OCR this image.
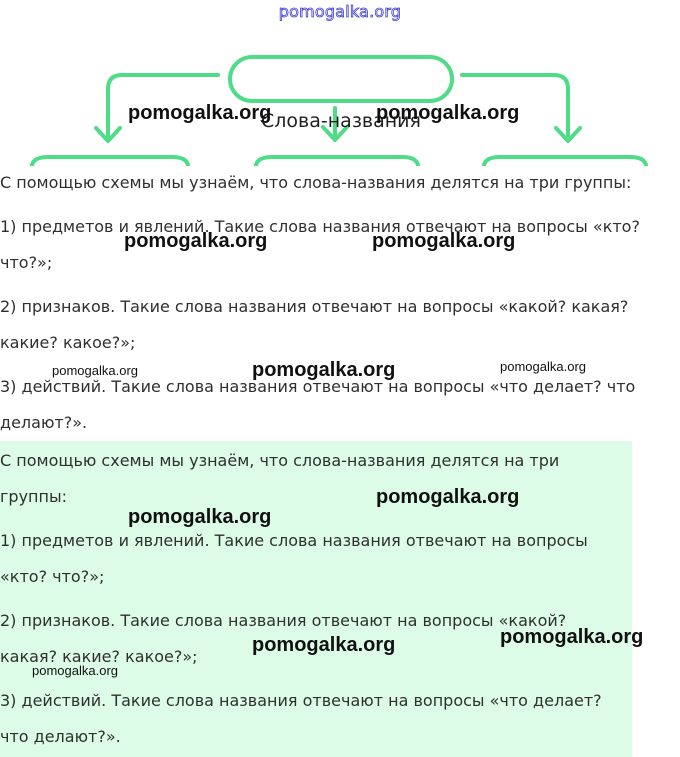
pomogalka.org
Слова-названия

С помощью схемы мы узнаём, что слова-названия делятся на три группы:

1) предметов и явлений. Такие слова названия отвечают на вопросы «кто? что?»;

2) признаков. Такие слова названия отвечают на вопросы «какой? какая? какие? какое?»;

3) действий. Такие слова названия отвечают на вопросы «что делает? что делают?».

С помощью схемы мы узнаём, что слова-названия делятся на три группы:

1) предметов и явлений. Такие слова названия отвечают на вопросы «кто? что?»;

2) признаков. Такие слова названия отвечают на вопросы «какой? какая? какие? какое?»;

3) действий. Такие слова названия отвечают на вопросы «что делает? что делают?».

pomogalka.org	pomogalka.org
pomogalka.org	pomogalka.org
pomogalka.org	pomogalka.org	pomogalka.org
pomogalka.org
pomogalka.org
pomogalka.org	pomogalka.org
pomogalka.org
